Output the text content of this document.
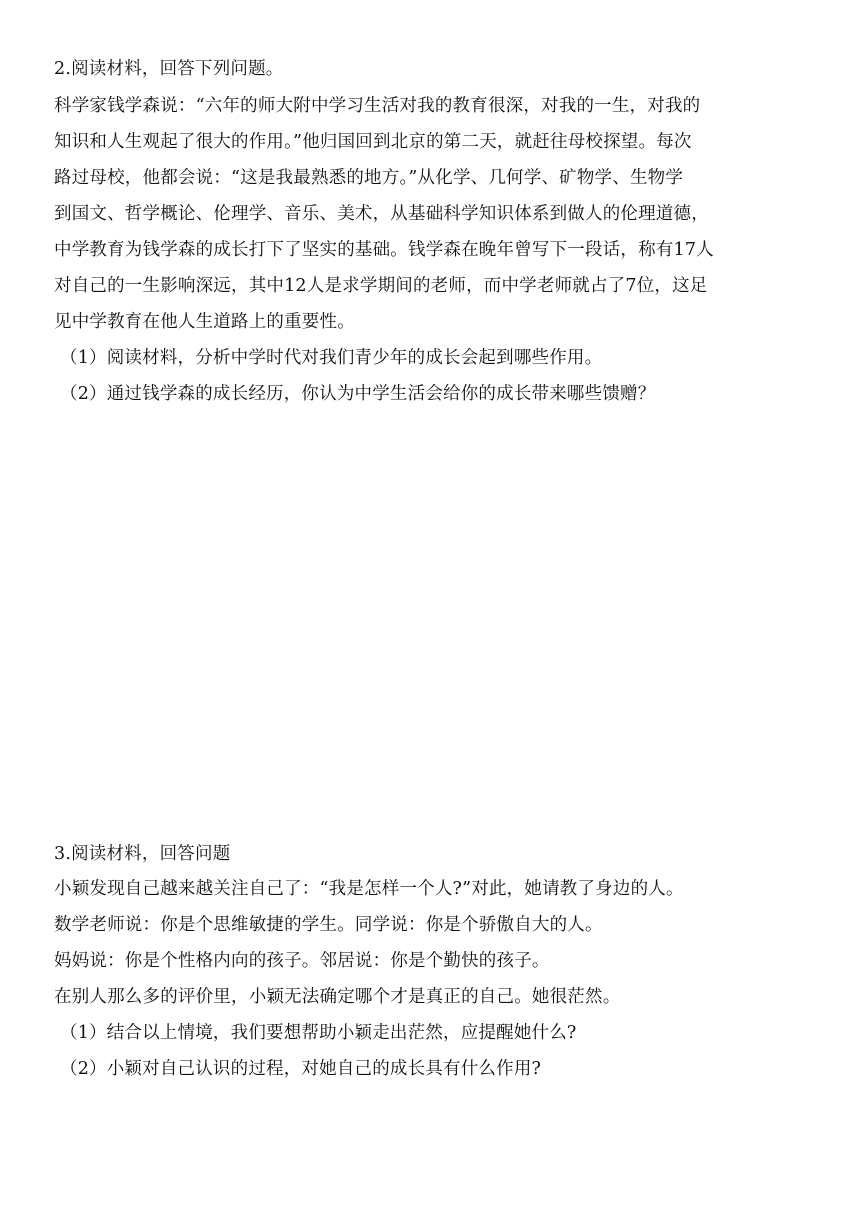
2.阅读材料，回答下列问题。
科学家钱学森说：“六年的师大附中学习生活对我的教育很深，对我的一生，对我的
知识和人生观起了很大的作用。”他归国回到北京的第二天，就赶往母校探望。每次
路过母校，他都会说：“这是我最熟悉的地方。”从化学、几何学、矿物学、生物学
到国文、哲学概论、伦理学、音乐、美术，从基础科学知识体系到做人的伦理道德，
中学教育为钱学森的成长打下了坚实的基础。钱学森在晚年曾写下一段话，称有17人
对自己的一生影响深远，其中12人是求学期间的老师，而中学老师就占了7位，这足
见中学教育在他人生道路上的重要性。
（1）阅读材料，分析中学时代对我们青少年的成长会起到哪些作用。
（2）通过钱学森的成长经历，你认为中学生活会给你的成长带来哪些馈赠？
3.阅读材料，回答问题
小颖发现自己越来越关注自己了：“我是怎样一个人?”对此，她请教了身边的人。
数学老师说：你是个思维敏捷的学生。同学说：你是个骄傲自大的人。
妈妈说：你是个性格内向的孩子。邻居说：你是个勤快的孩子。
在别人那么多的评价里，小颖无法确定哪个才是真正的自己。她很茫然。
（1）结合以上情境，我们要想帮助小颖走出茫然，应提醒她什么?
（2）小颖对自己认识的过程，对她自己的成长具有什么作用?
